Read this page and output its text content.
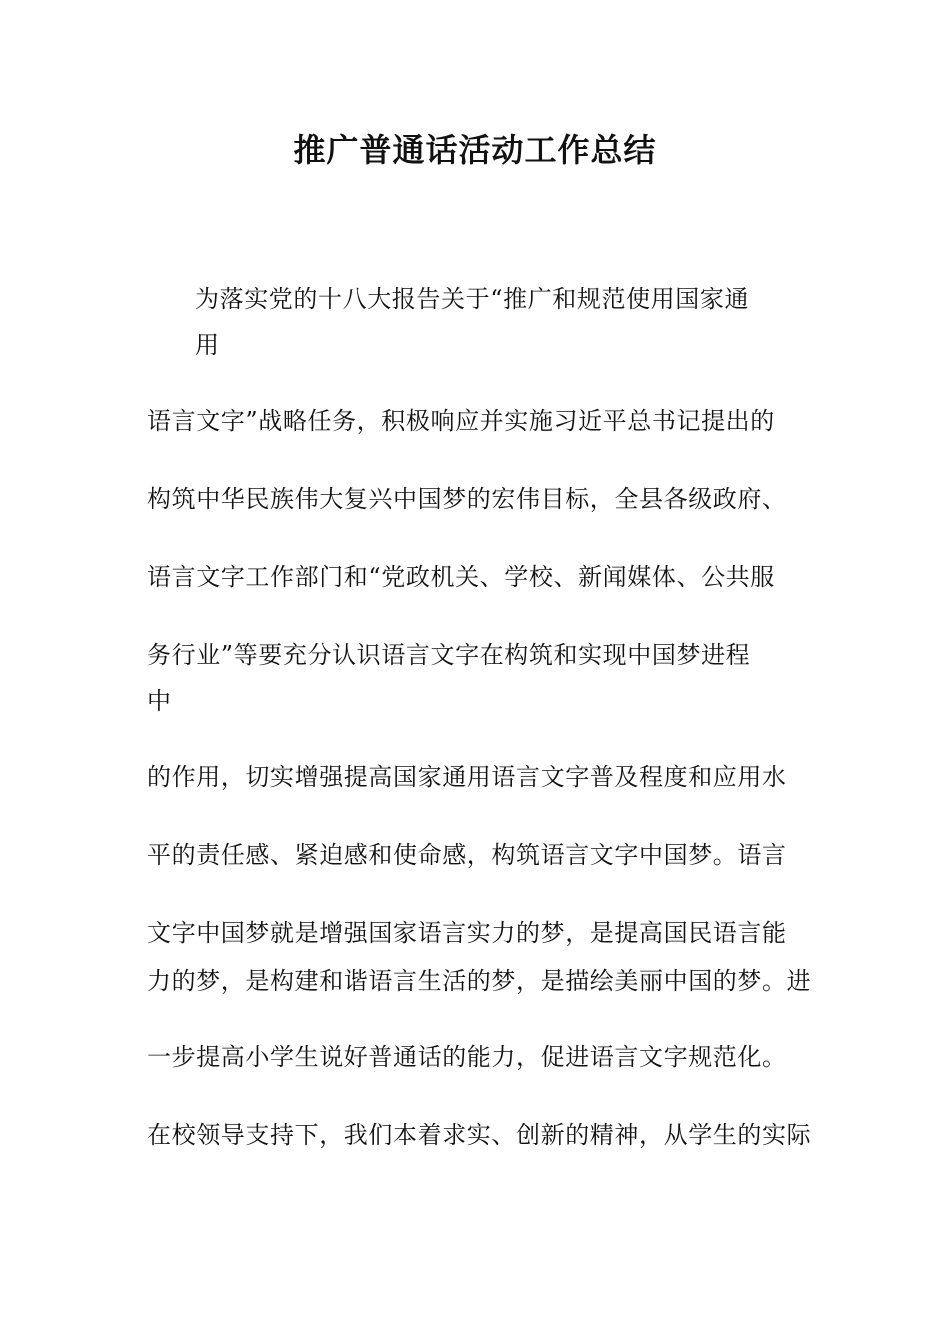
推广普通话活动工作总结

为落实党的十八大报告关于“推广和规范使用国家通

用

语言文字”战略任务，积极响应并实施习近平总书记提出的

构筑中华民族伟大复兴中国梦的宏伟目标，全县各级政府、

语言文字工作部门和“党政机关、学校、新闻媒体、公共服

务行业”等要充分认识语言文字在构筑和实现中国梦进程

中

的作用，切实增强提高国家通用语言文字普及程度和应用水

平的责任感、紧迫感和使命感，构筑语言文字中国梦。语言

文字中国梦就是增强国家语言实力的梦，是提高国民语言能

力的梦，是构建和谐语言生活的梦，是描绘美丽中国的梦。进

一步提高小学生说好普通话的能力，促进语言文字规范化。

在校领导支持下，我们本着求实、创新的精神，从学生的实际
